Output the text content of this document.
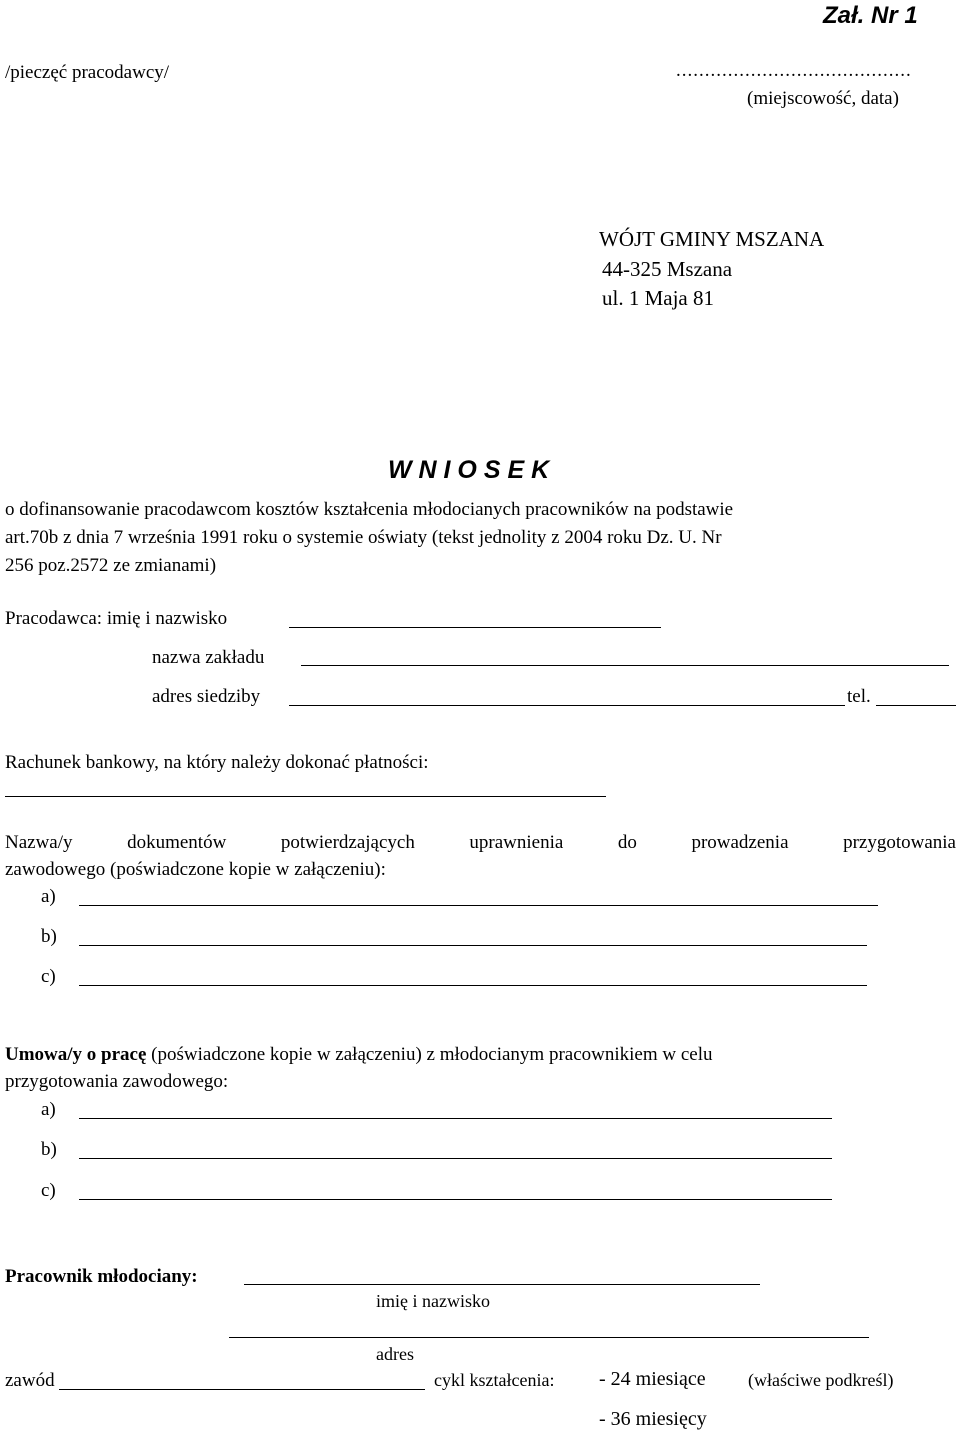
Zał. Nr 1
/pieczęć pracodawcy/	.........................................
(miejscowość, data)
WÓJT GMINY MSZANA
44-325 Mszana
ul. 1 Maja 81
W N I O S E K
o dofinansowanie pracodawcom kosztów kształcenia młodocianych pracowników na podstawie
art.70b z dnia 7 września 1991 roku o systemie oświaty (tekst jednolity z 2004 roku Dz. U. Nr
256 poz.2572 ze zmianami)
Pracodawca: imię i nazwisko
nazwa zakładu
adres siedziby	tel.
Rachunek bankowy, na który należy dokonać płatności:
Nazwa/y	dokumentów	potwierdzających	uprawnienia	do	prowadzenia	przygotowania
zawodowego (poświadczone kopie w załączeniu):
a)
b)
c)
Umowa/y o pracę (poświadczone kopie w załączeniu) z młodocianym pracownikiem w celu
przygotowania zawodowego:
a)
b)
c)
Pracownik młodociany:
imię i nazwisko
adres
zawód	cykl kształcenia: - 24 miesiące (właściwe podkreśl)
- 36 miesięcy
